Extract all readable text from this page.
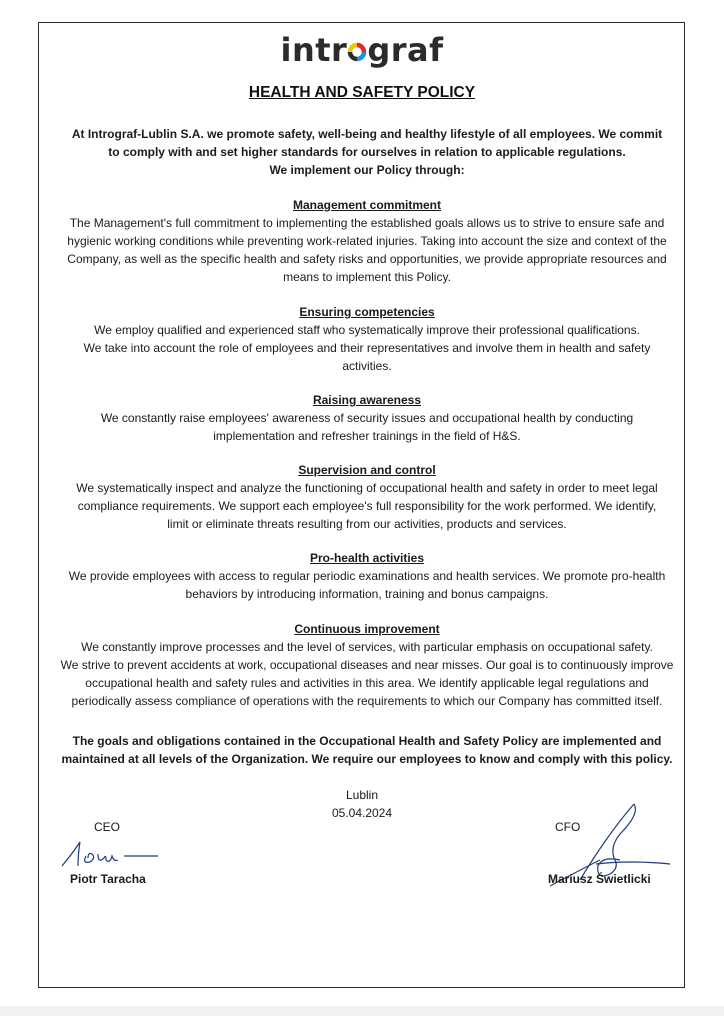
intr graf
HEALTH AND SAFETY POLICY

At Intrograf-Lublin S.A. we promote safety, well-being and healthy lifestyle of all employees. We commit

to comply with and set higher standards for ourselves in relation to applicable regulations.

We implement our Policy through:

Management commitment

The Management's full commitment to implementing the established goals allows us to strive to ensure safe and

hygienic working conditions while preventing work-related injuries. Taking into account the size and context of the

Company, as well as the specific health and safety risks and opportunities, we provide appropriate resources and

means to implement this Policy.

Ensuring competencies

We employ qualified and experienced staff who systematically improve their professional qualifications.

We take into account the role of employees and their representatives and involve them in health and safety

activities.

Raising awareness

We constantly raise employees' awareness of security issues and occupational health by conducting

implementation and refresher trainings in the field of H&S.

Supervision and control

We systematically inspect and analyze the functioning of occupational health and safety in order to meet legal

compliance requirements. We support each employee's full responsibility for the work performed. We identify,

limit or eliminate threats resulting from our activities, products and services.

Pro-health activities

We provide employees with access to regular periodic examinations and health services. We promote pro-health

behaviors by introducing information, training and bonus campaigns.

Continuous improvement

We constantly improve processes and the level of services, with particular emphasis on occupational safety.

We strive to prevent accidents at work, occupational diseases and near misses. Our goal is to continuously improve

occupational health and safety rules and activities in this area. We identify applicable legal regulations and

periodically assess compliance of operations with the requirements to which our Company has committed itself.

The goals and obligations contained in the Occupational Health and Safety Policy are implemented and

maintained at all levels of the Organization. We require our employees to know and comply with this policy.

Lublin
05.04.2024
CEO
Piotr Taracha
CFO
Mariusz Świetlicki
